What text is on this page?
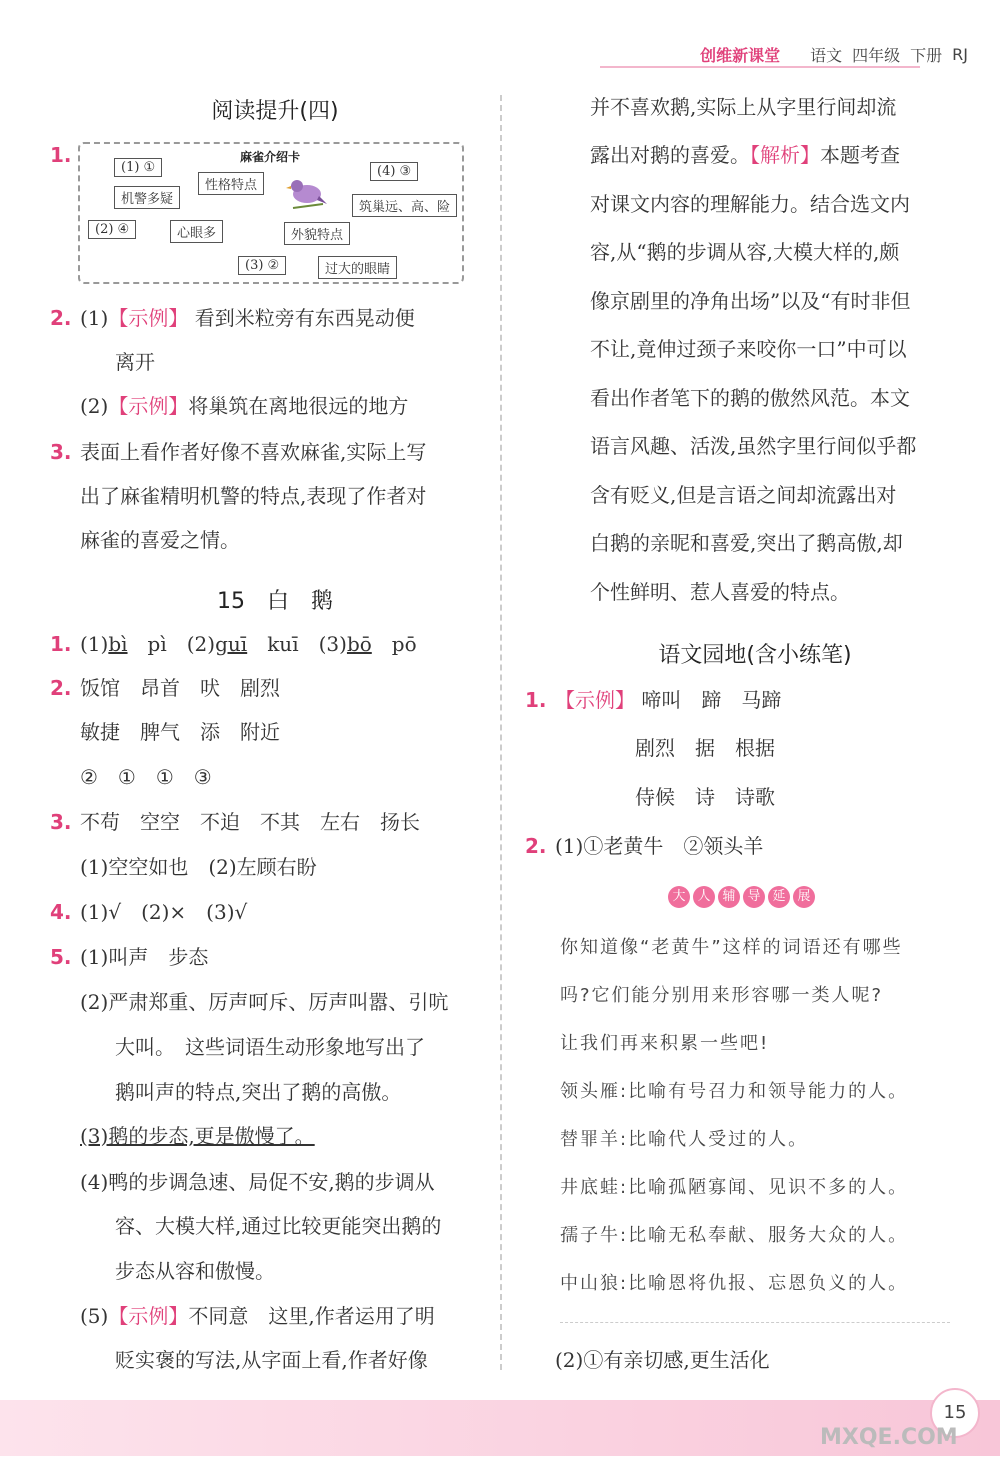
创维新课堂 语文 四年级 下册 RJ
阅读提升(四)
1.	麻雀介绍卡
(1) ①
机警多疑
(2) ④	心眼多
性格特点
(4) ③
筑巢远、高、险
外貌特点
(3) ②	过大的眼睛
2. (1)【示例】 看到米粒旁有东西晃动便
离开
(2)【示例】将巢筑在离地很远的地方
3. 表面上看作者好像不喜欢麻雀,实际上写
出了麻雀精明机警的特点,表现了作者对
麻雀的喜爱之情。
15　白　鹅
1. (1)bì　 pì　 (2)guī　 kuī　 (3)bō　 pō
2. 饭馆　昂首　吠　剧烈
敏捷　脾气　添　附近
②　①　①　③
3. 不苟　空空　不迫　不其　左右　扬长
(1)空空如也　(2)左顾右盼
4. (1)√　(2)×　(3)√
5. (1)叫声　步态
(2)严肃郑重、厉声呵斥、厉声叫嚣、引吭
大叫。　这些词语生动形象地写出了
鹅叫声的特点,突出了鹅的高傲。
(3)鹅的步态,更是傲慢了。
(4)鸭的步调急速、局促不安,鹅的步调从
容、大模大样,通过比较更能突出鹅的
步态从容和傲慢。
(5)【示例】不同意　这里,作者运用了明
贬实褒的写法,从字面上看,作者好像
并不喜欢鹅,实际上从字里行间却流
露出对鹅的喜爱。【解析】本题考查
对课文内容的理解能力。结合选文内
容,从“鹅的步调从容,大模大样的,颇
像京剧里的净角出场”以及“有时非但
不让,竟伸过颈子来咬你一口”中可以
看出作者笔下的鹅的傲然风范。本文
语言风趣、活泼,虽然字里行间似乎都
含有贬义,但是言语之间却流露出对
白鹅的亲昵和喜爱,突出了鹅高傲,却
个性鲜明、惹人喜爱的特点。
语文园地(含小练笔)
1. 【示例】 啼叫　蹄　马蹄
剧烈　据　根据
侍候　诗　诗歌
2. (1)①老黄牛　②领头羊
大 人 辅 导 延 展
你知道像“老黄牛”这样的词语还有哪些
吗?它们能分别用来形容哪一类人呢?
让我们再来积累一些吧!
领头雁:比喻有号召力和领导能力的人。
替罪羊:比喻代人受过的人。
井底蛙:比喻孤陋寡闻、见识不多的人。
孺子牛:比喻无私奉献、服务大众的人。
中山狼:比喻恩将仇报、忘恩负义的人。
(2)①有亲切感,更生活化
15
MXQE.COM
